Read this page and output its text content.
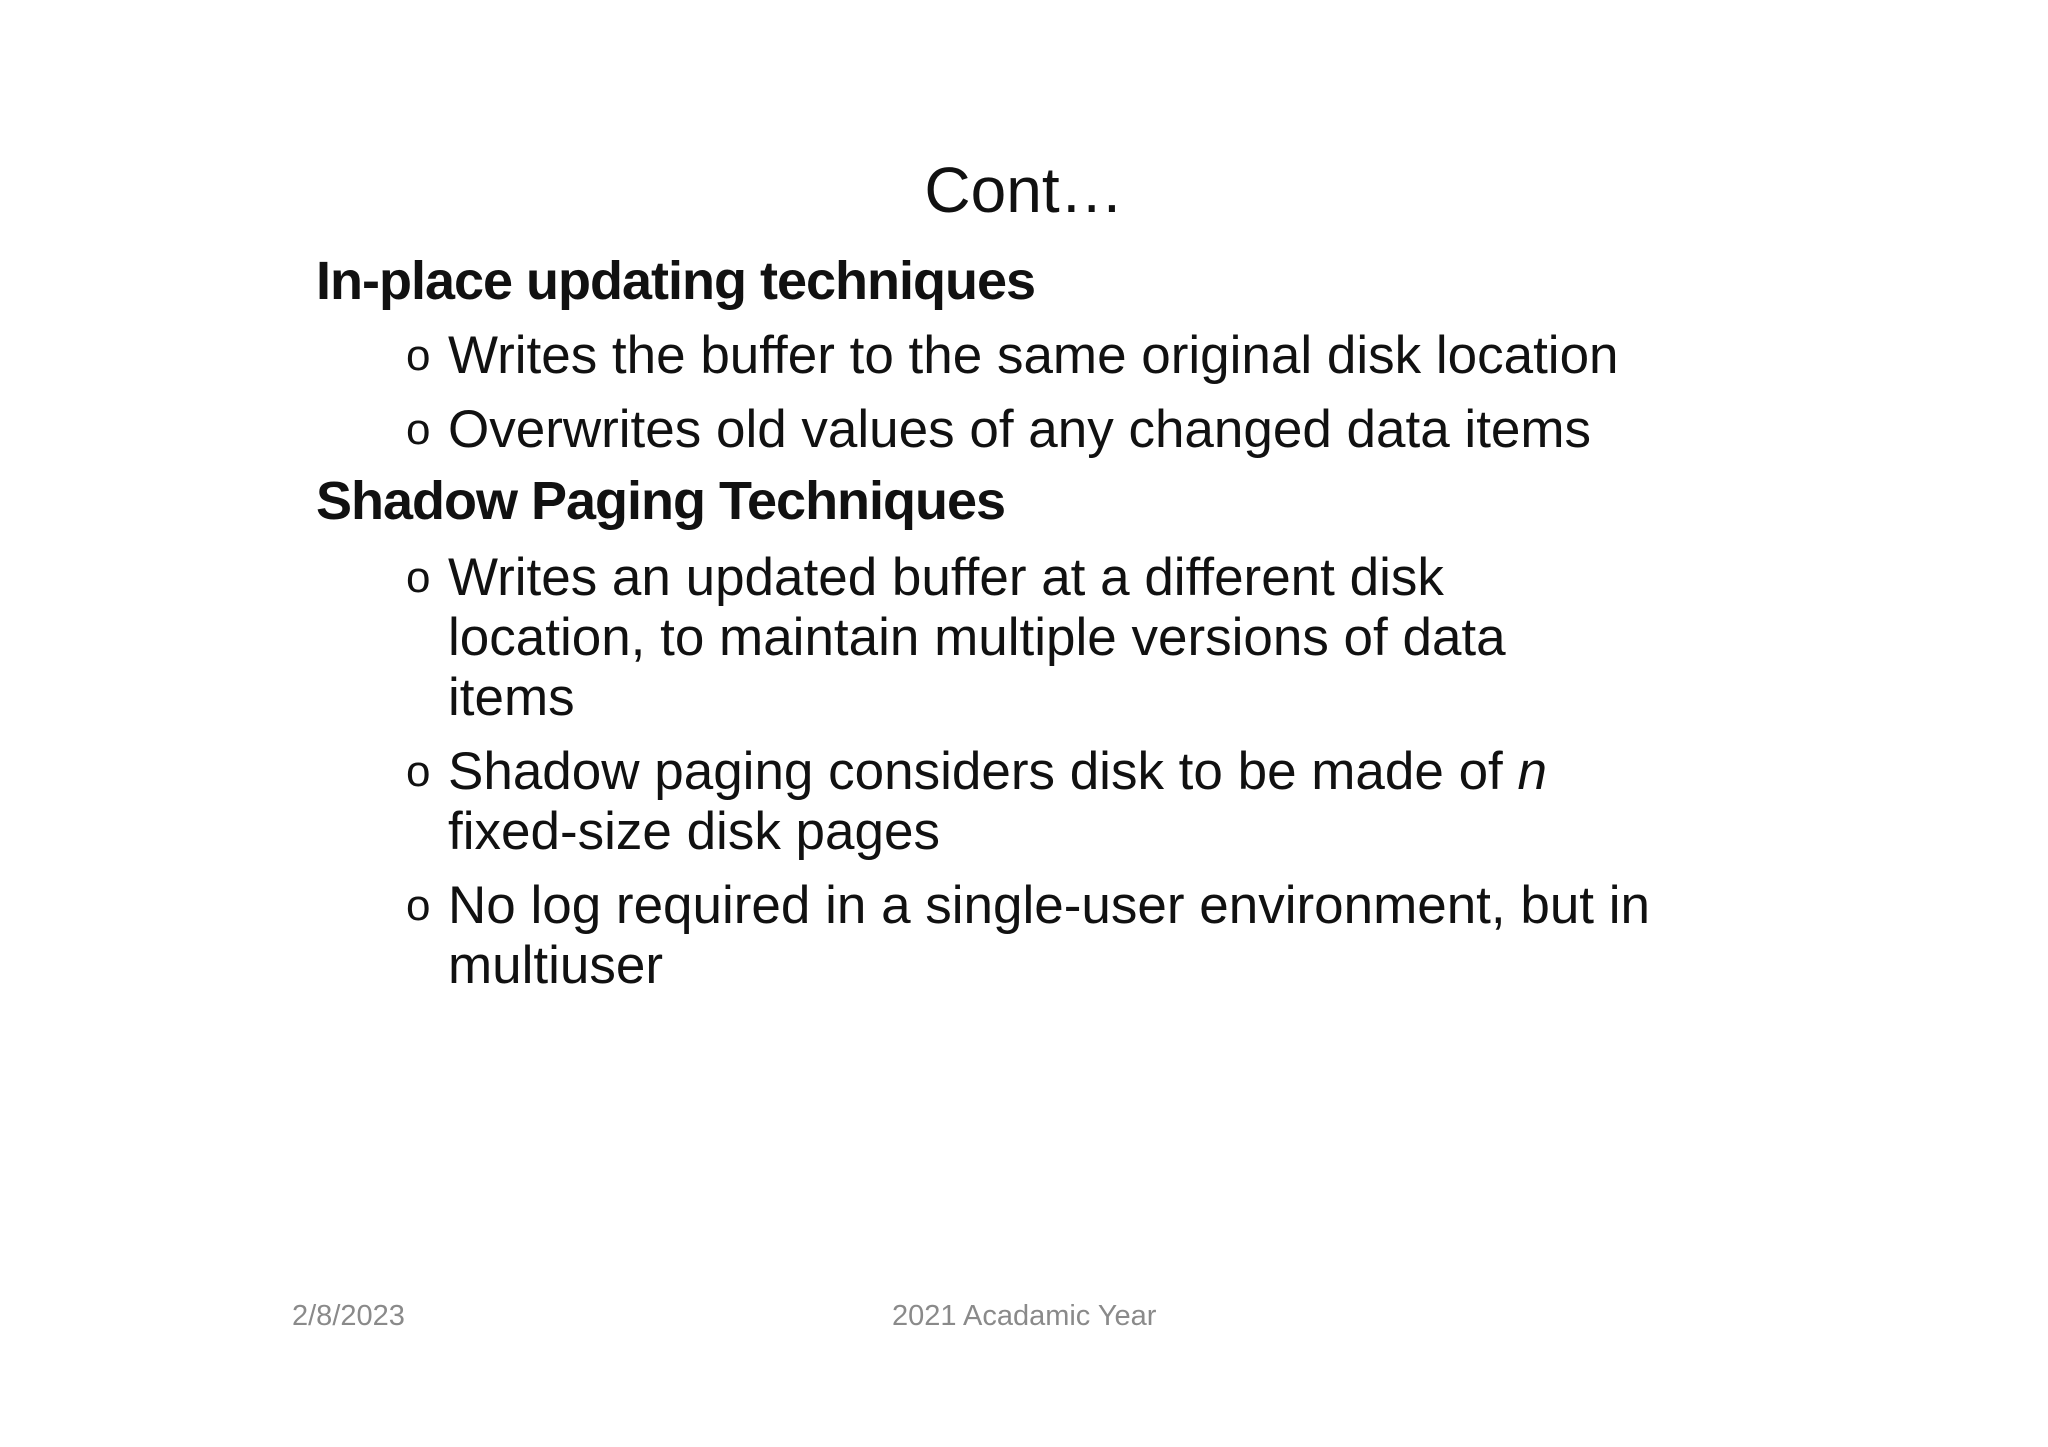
Cont…
In-place updating techniques
o Writes the buffer to the same original disk location
o Overwrites old values of any changed data items
Shadow Paging Techniques
o Writes an updated buffer at a different disk location, to maintain multiple versions of data items
o Shadow paging considers disk to be made of n
fixed-size disk pages
o No log required in a single-user environment, but in multiuser
2/8/2023	2021 Acadamic Year
